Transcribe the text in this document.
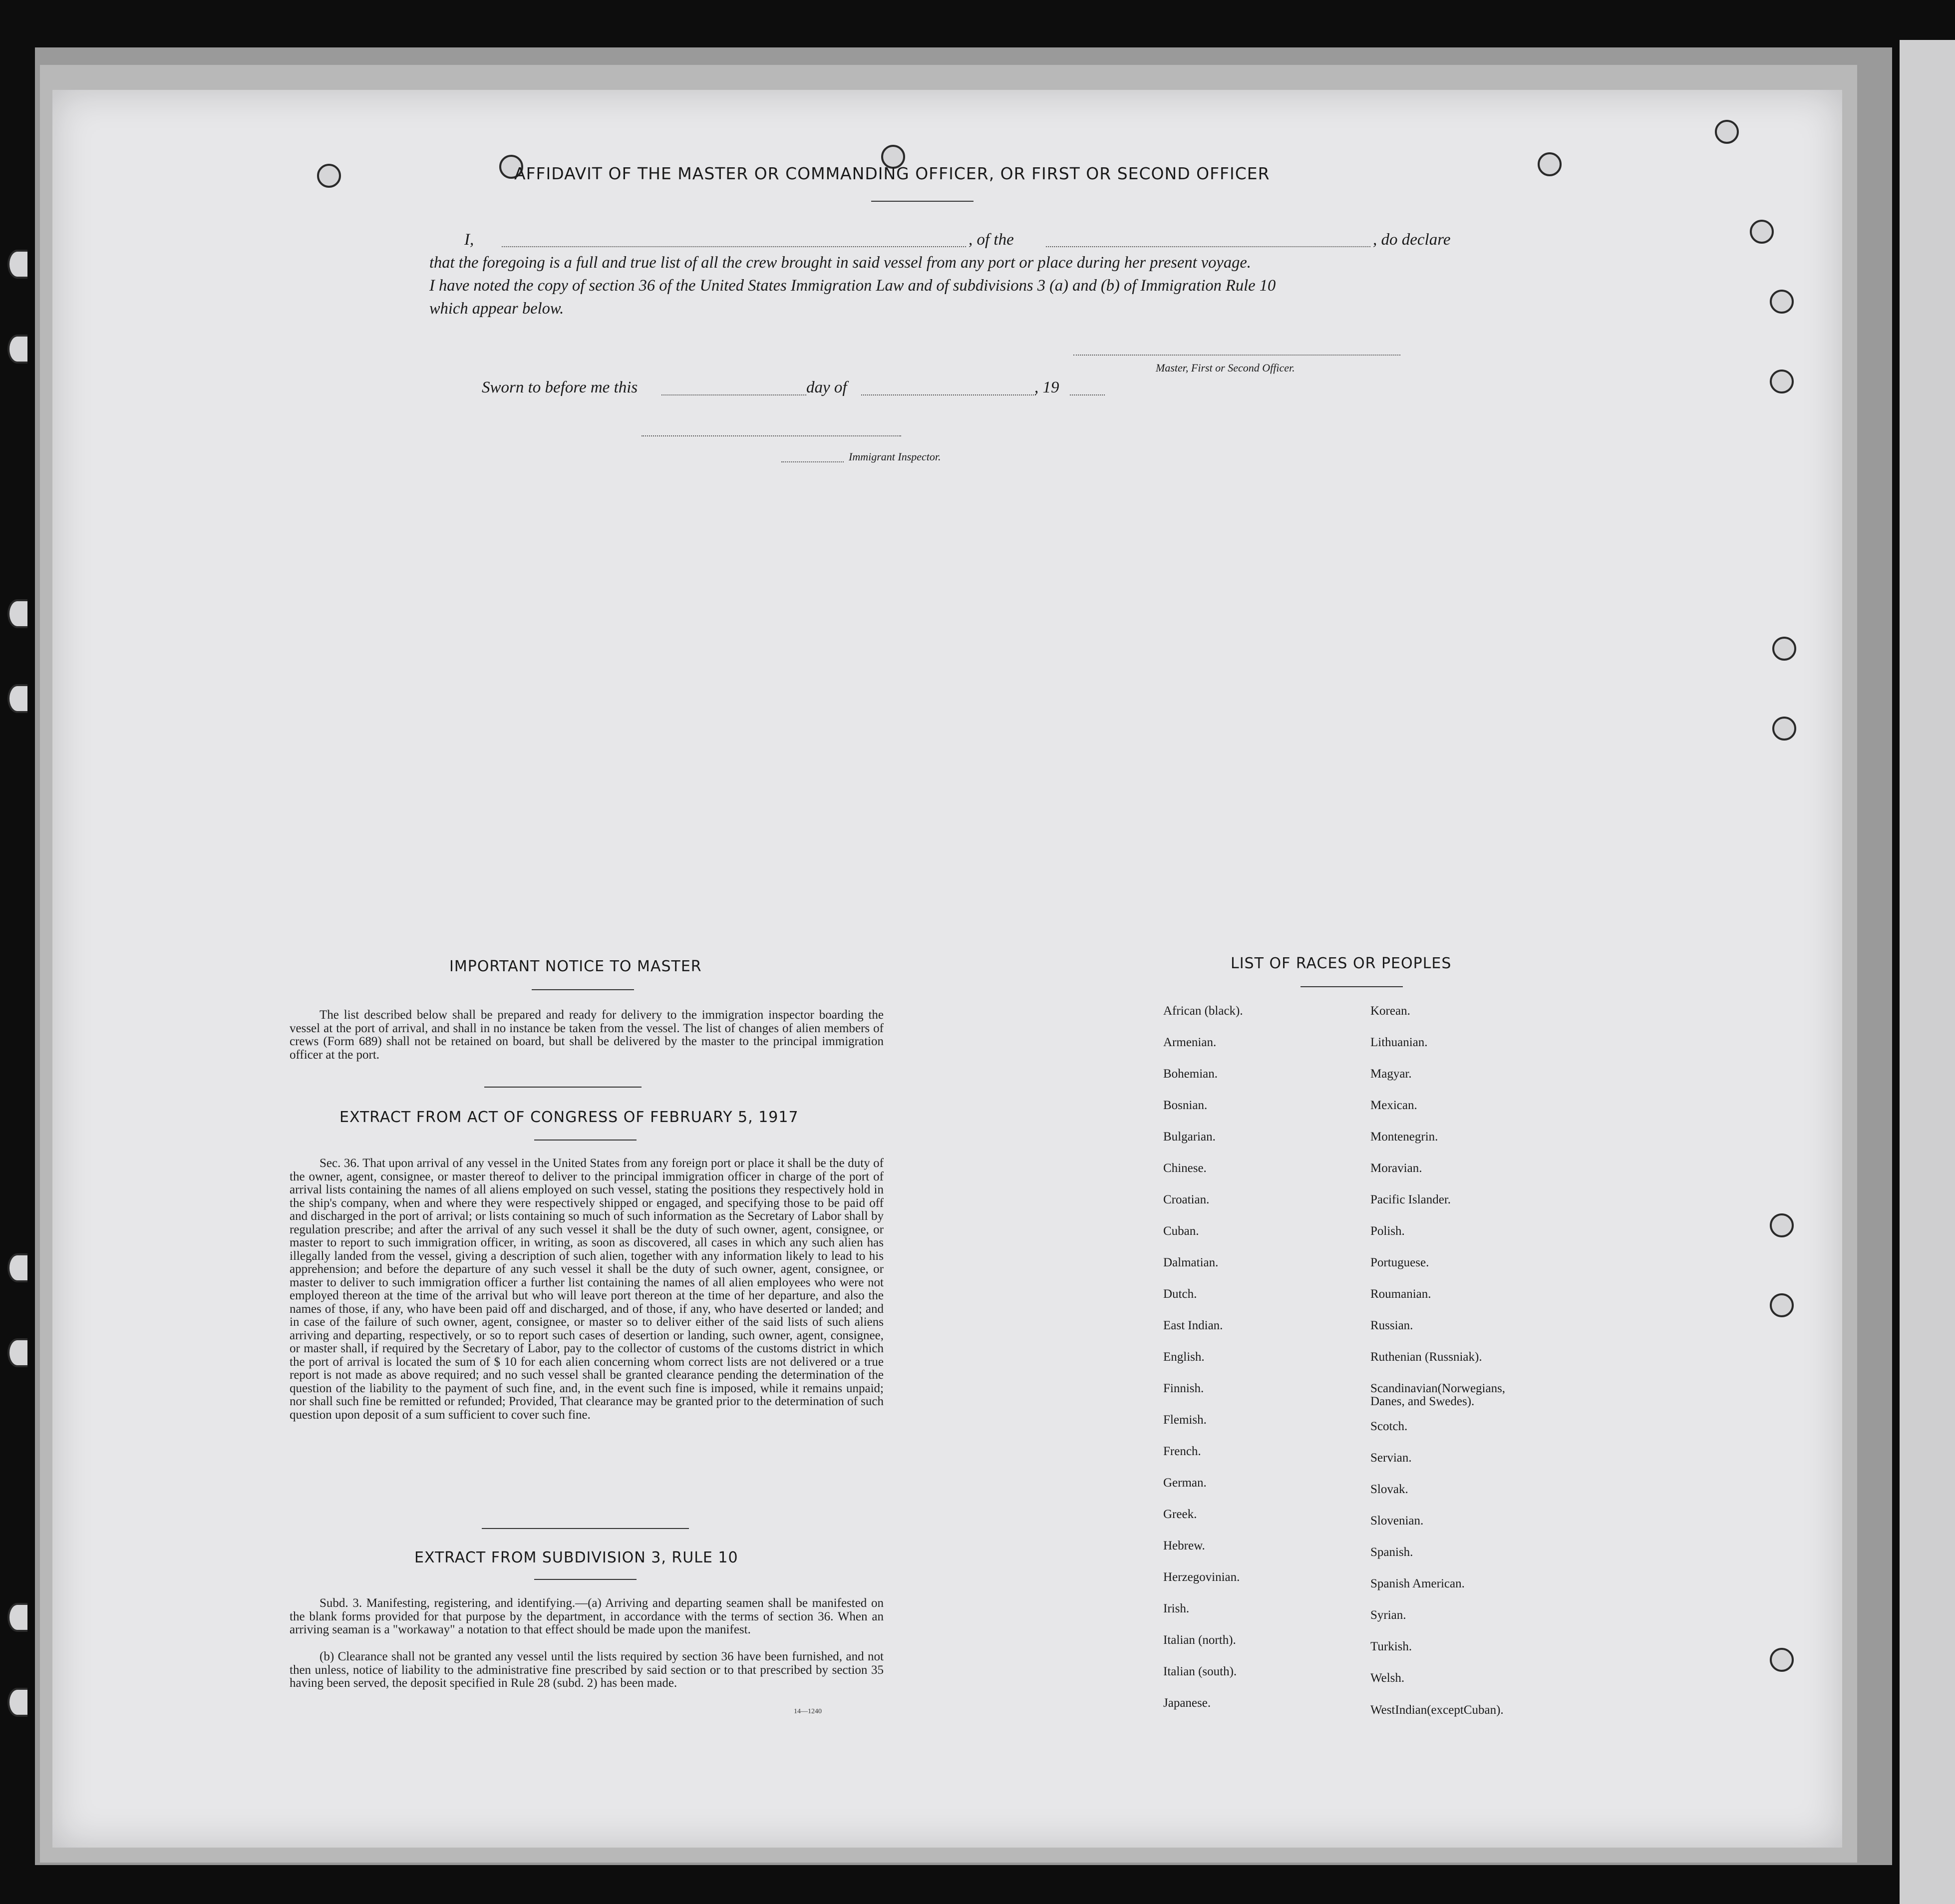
AFFIDAVIT OF THE MASTER OR COMMANDING OFFICER, OR FIRST OR SECOND OFFICER
I,	, of the	, do declare
that the foregoing is a full and true list of all the crew brought in said vessel from any port or place during her present voyage.
I have noted the copy of section 36 of the United States Immigration Law and of subdivisions 3 (a) and (b) of Immigration Rule 10
which appear below.
Master, First or Second Officer.
Sworn to before me this	day of	, 19
Immigrant Inspector.
IMPORTANT NOTICE TO MASTER
The list described below shall be prepared and ready for delivery to the immigration inspector boarding the vessel at the port of arrival, and shall in no instance be taken from the vessel. The list of changes of alien members of crews (Form 689) shall not be retained on board, but shall be delivered by the master to the principal immigration officer at the port.
EXTRACT FROM ACT OF CONGRESS OF FEBRUARY 5, 1917
Sec. 36. That upon arrival of any vessel in the United States from any foreign port or place it shall be the duty of the owner, agent, consignee, or master thereof to deliver to the principal immigration officer in charge of the port of arrival lists containing the names of all aliens employed on such vessel, stating the positions they respectively hold in the ship's company, when and where they were respectively shipped or engaged, and specifying those to be paid off and discharged in the port of arrival; or lists containing so much of such information as the Secretary of Labor shall by regulation prescribe; and after the arrival of any such vessel it shall be the duty of such owner, agent, consignee, or master to report to such immigration officer, in writing, as soon as discovered, all cases in which any such alien has illegally landed from the vessel, giving a description of such alien, together with any information likely to lead to his apprehension; and before the departure of any such vessel it shall be the duty of such owner, agent, consignee, or master to deliver to such immigration officer a further list containing the names of all alien employees who were not employed thereon at the time of the arrival but who will leave port thereon at the time of her departure, and also the names of those, if any, who have been paid off and discharged, and of those, if any, who have deserted or landed; and in case of the failure of such owner, agent, consignee, or master so to deliver either of the said lists of such aliens arriving and departing, respectively, or so to report such cases of desertion or landing, such owner, agent, consignee, or master shall, if required by the Secretary of Labor, pay to the collector of customs of the customs district in which the port of arrival is located the sum of $ 10 for each alien concerning whom correct lists are not delivered or a true report is not made as above required; and no such vessel shall be granted clearance pending the determination of the question of the liability to the payment of such fine, and, in the event such fine is imposed, while it remains unpaid; nor shall such fine be remitted or refunded; Provided, That clearance may be granted prior to the determination of such question upon deposit of a sum sufficient to cover such fine.
EXTRACT FROM SUBDIVISION 3, RULE 10
Subd. 3. Manifesting, registering, and identifying.—(a) Arriving and departing seamen shall be manifested on the blank forms provided for that purpose by the department, in accordance with the terms of section 36. When an arriving seaman is a "workaway" a notation to that effect should be made upon the manifest.
(b) Clearance shall not be granted any vessel until the lists required by section 36 have been furnished, and not then unless, notice of liability to the administrative fine prescribed by said section or to that prescribed by section 35 having been served, the deposit specified in Rule 28 (subd. 2) has been made.
14—1240
LIST OF RACES OR PEOPLES
African (black).
Armenian.
Bohemian.
Bosnian.
Bulgarian.
Chinese.
Croatian.
Cuban.
Dalmatian.
Dutch.
East Indian.
English.
Finnish.
Flemish.
French.
German.
Greek.
Hebrew.
Herzegovinian.
Irish.
Italian (north).
Italian (south).
Japanese.
Korean.
Lithuanian.
Magyar.
Mexican.
Montenegrin.
Moravian.
Pacific Islander.
Polish.
Portuguese.
Roumanian.
Russian.
Ruthenian (Russniak).
Scandinavian(Norwegians, Danes, and Swedes).
Scotch.
Servian.
Slovak.
Slovenian.
Spanish.
Spanish American.
Syrian.
Turkish.
Welsh.
WestIndian(exceptCuban).
